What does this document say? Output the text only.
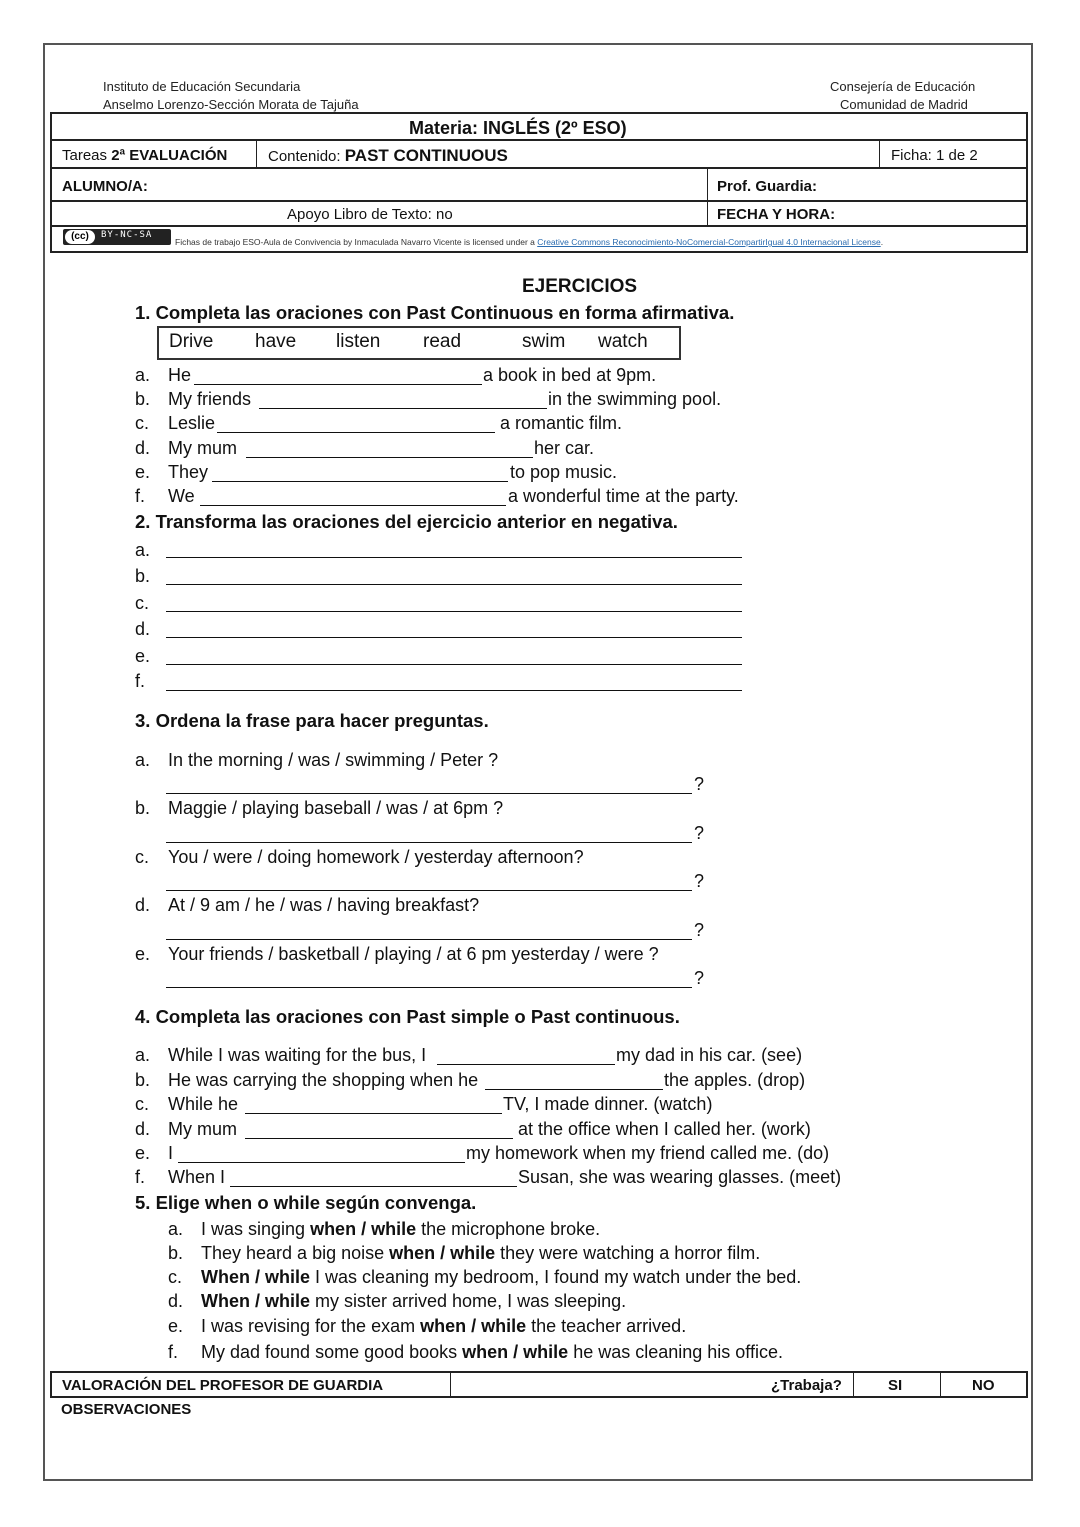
Instituto de Educación Secundaria
Anselmo Lorenzo-Sección Morata de Tajuña
Consejería de Educación
Comunidad de Madrid
Materia: INGLÉS (2º ESO)
Tareas 2ª EVALUACIÓN	Contenido: PAST CONTINUOUS	Ficha: 1 de 2
ALUMNO/A:	Prof. Guardia:
Apoyo Libro de Texto: no	FECHA Y HORA:
(cc)	BY-NC-SA
Fichas de trabajo ESO-Aula de Convivencia by Inmaculada Navarro Vicente is licensed under a Creative Commons Reconocimiento-NoComercial-CompartirIgual 4.0 Internacional License.
EJERCICIOS
1. Completa las oraciones con Past Continuous en forma afirmativa.
Drive have listen read	swim watch
a. He	a book in bed at 9pm.
b. My friends	in the swimming pool.
c. Leslie	a romantic film.
d. My mum	her car.
e. They	to pop music.
f. We	a wonderful time at the party.
2. Transforma las oraciones del ejercicio anterior en negativa.
a.
b.
c.
d.
e.
f.
3. Ordena la frase para hacer preguntas.
a. In the morning / was / swimming / Peter ?
?
b. Maggie / playing baseball / was / at 6pm ?
?
c. You / were / doing homework / yesterday afternoon?
?
d. At / 9 am / he / was / having breakfast?
?
e. Your friends / basketball / playing / at 6 pm yesterday / were ?
?
4. Completa las oraciones con Past simple o Past continuous.
a. While I was waiting for the bus, I	my dad in his car. (see)
b. He was carrying the shopping when he	the apples. (drop)
c. While he	TV, I made dinner. (watch)
d. My mum	at the office when I called her. (work)
e. I	my homework when my friend called me. (do)
f. When I	Susan, she was wearing glasses. (meet)
5. Elige when o while según convenga.
a. I was singing when / while the microphone broke.
b. They heard a big noise when / while they were watching a horror film.
c. When / while I was cleaning my bedroom, I found my watch under the bed.
d. When / while my sister arrived home, I was sleeping.
e. I was revising for the exam when / while the teacher arrived.
f. My dad found some good books when / while he was cleaning his office.
VALORACIÓN DEL PROFESOR DE GUARDIA	¿Trabaja?	SI	NO
OBSERVACIONES
